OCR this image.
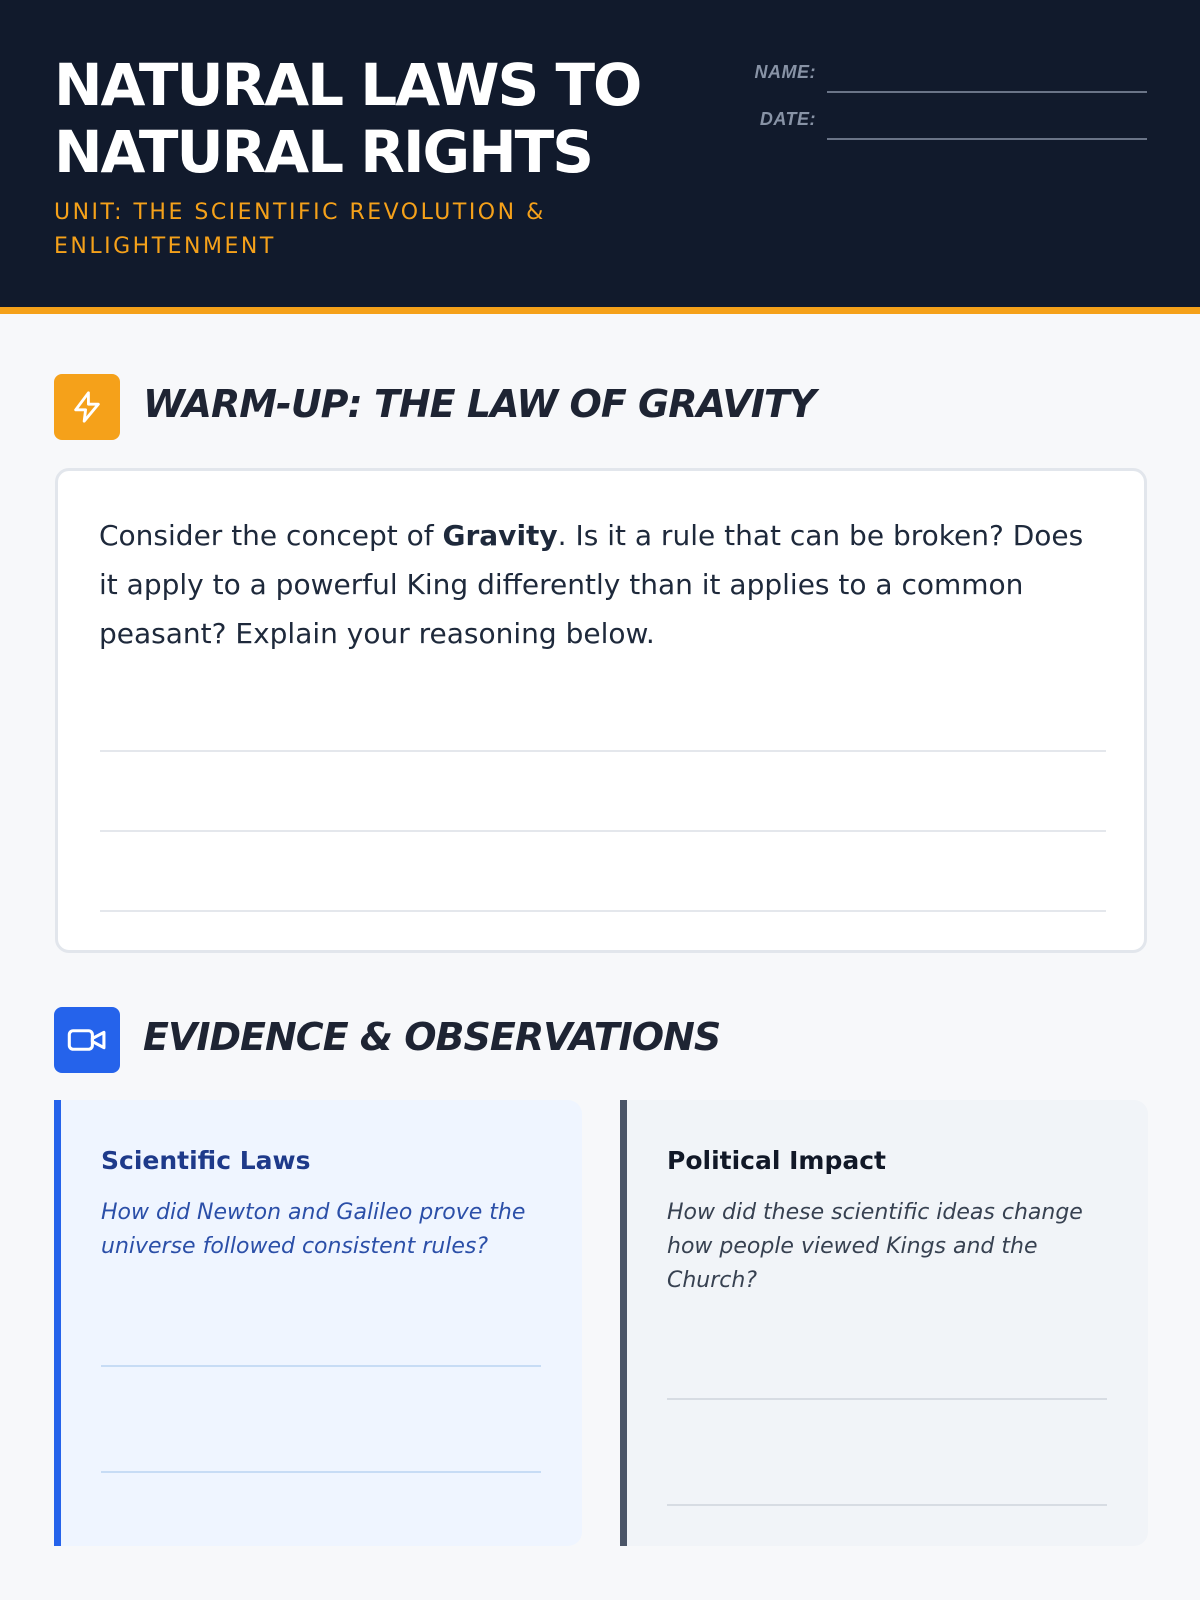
NATURAL LAWS TO
NATURAL RIGHTS
UNIT: THE SCIENTIFIC REVOLUTION & ENLIGHTENMENT
NAME:
DATE:
WARM-UP: THE LAW OF GRAVITY

Consider the concept of Gravity. Is it a rule that can be broken? Does it apply to a powerful King differently than it applies to a common peasant? Explain your reasoning below.

EVIDENCE & OBSERVATIONS
Scientific Laws
How did Newton and Galileo prove the universe followed consistent rules?
Political Impact
How did these scientific ideas change how people viewed Kings and the Church?
